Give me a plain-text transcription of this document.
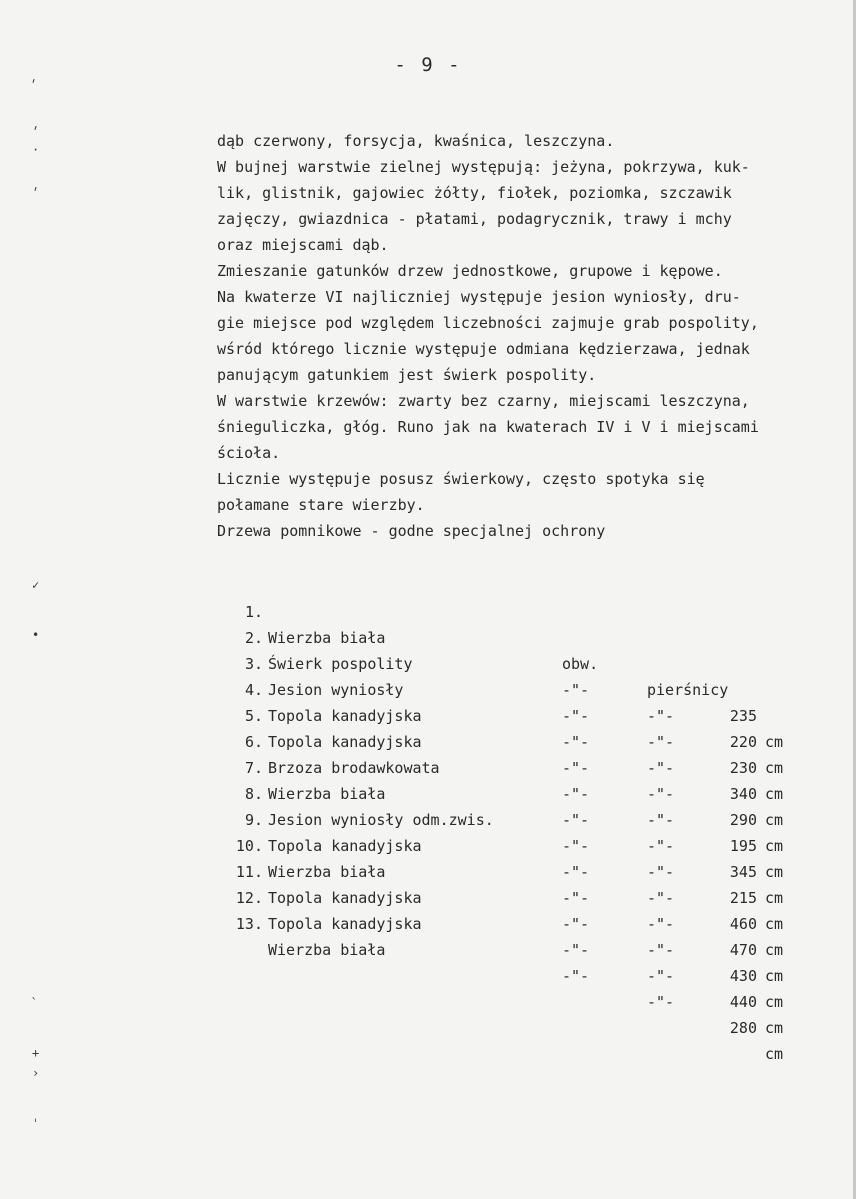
׳
׳
·
׳
✓
•
ˎ
+
›
ˈ
- 9 -
dąb czerwony, forsycja, kwaśnica, leszczyna.
W bujnej warstwie zielnej występują: jeżyna, pokrzywa, kuk-
lik, glistnik, gajowiec żółty, fiołek, poziomka, szczawik
zajęczy, gwiazdnica - płatami, podagrycznik, trawy i mchy
oraz miejscami dąb.
Zmieszanie gatunków drzew jednostkowe, grupowe i kępowe.
Na kwaterze VI najliczniej występuje jesion wyniosły, dru-
gie miejsce pod względem liczebności zajmuje grab pospolity,
wśród którego licznie występuje odmiana kędzierzawa, jednak
panującym gatunkiem jest świerk pospolity.
W warstwie krzewów: zwarty bez czarny, miejscami leszczyna,
śnieguliczka, głóg. Runo jak na kwaterach IV i V i miejscami
ścioła.
Licznie występuje posusz świerkowy, często spotyka się
połamane stare wierzby.
Drzewa pomnikowe - godne specjalnej ochrony

1.

Wierzba biała

obw.

pierśnicy

235

cm

2.

Świerk pospolity

-"-

-"-

220

cm

3.

Jesion wyniosły

-"-

-"-

230

cm

4.

Topola kanadyjska

-"-

-"-

340

cm

5.

Topola kanadyjska

-"-

-"-

290

cm

6.

Brzoza brodawkowata

-"-

-"-

195

cm

7.

Wierzba biała

-"-

-"-

345

cm

8.

Jesion wyniosły odm.zwis.

-"-

-"-

215

cm

9.

Topola kanadyjska

-"-

-"-

460

cm

10.

Wierzba biała

-"-

-"-

470

cm

11.

Topola kanadyjska

-"-

-"-

430

cm

12.

Topola kanadyjska

-"-

-"-

440

cm

13.

Wierzba biała

-"-

-"-

280

cm
